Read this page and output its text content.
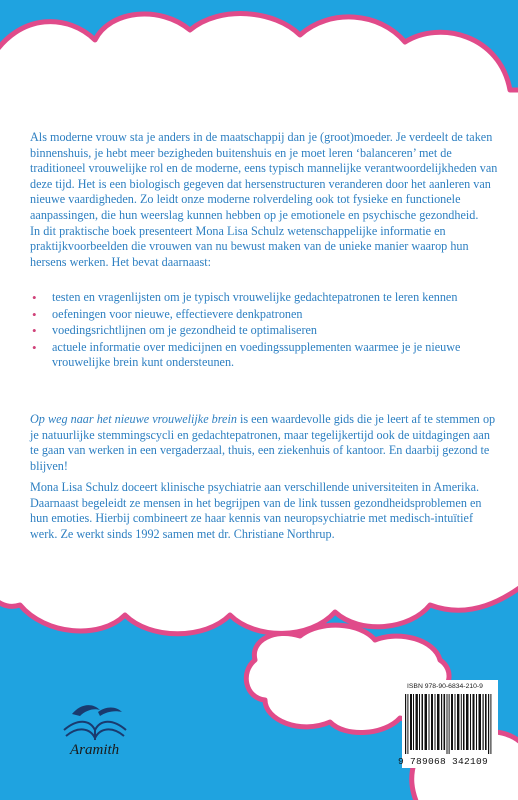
Als moderne vrouw sta je anders in de maatschappij dan je (groot)moeder. Je verdeelt de taken binnenshuis, je hebt meer bezigheden buitenshuis en je moet leren ‘balanceren’ met de traditioneel vrouwelijke rol en de moderne, eens typisch mannelijke verantwoordelijkheden van deze tijd. Het is een biologisch gegeven dat hersenstructuren veranderen door het aanleren van nieuwe vaardigheden. Zo leidt onze moderne rolverdeling ook tot fysieke en functionele aanpassingen, die hun weerslag kunnen hebben op je emotionele en psychische gezondheid.
In dit praktische boek presenteert Mona Lisa Schulz wetenschappelijke informatie en praktijkvoorbeelden die vrouwen van nu bewust maken van de unieke manier waarop hun hersens werken. Het bevat daarnaast:
• testen en vragenlijsten om je typisch vrouwelijke gedachtepatronen te leren kennen
• oefeningen voor nieuwe, effectievere denkpatronen
• voedingsrichtlijnen om je gezondheid te optimaliseren
• actuele informatie over medicijnen en voedingssupplementen waarmee je je nieuwe vrouwelijke brein kunt ondersteunen.
Op weg naar het nieuwe vrouwelijke brein is een waardevolle gids die je leert af te stemmen op je natuurlijke stemmingscycli en gedachtepatronen, maar tegelijkertijd ook de uitdagingen aan te gaan van werken in een vergaderzaal, thuis, een ziekenhuis of kantoor. En daarbij gezond te blijven!
Mona Lisa Schulz doceert klinische psychiatrie aan verschillende universiteiten in Amerika. Daarnaast begeleidt ze mensen in het begrijpen van de link tussen gezondheidsproblemen en hun emoties. Hierbij combineert ze haar kennis van neuropsychiatrie met medisch-intuïtief werk. Ze werkt sinds 1992 samen met dr. Christiane Northrup.
ISBN 978-90-6834-210-9
9 789068 342109
Aramith
